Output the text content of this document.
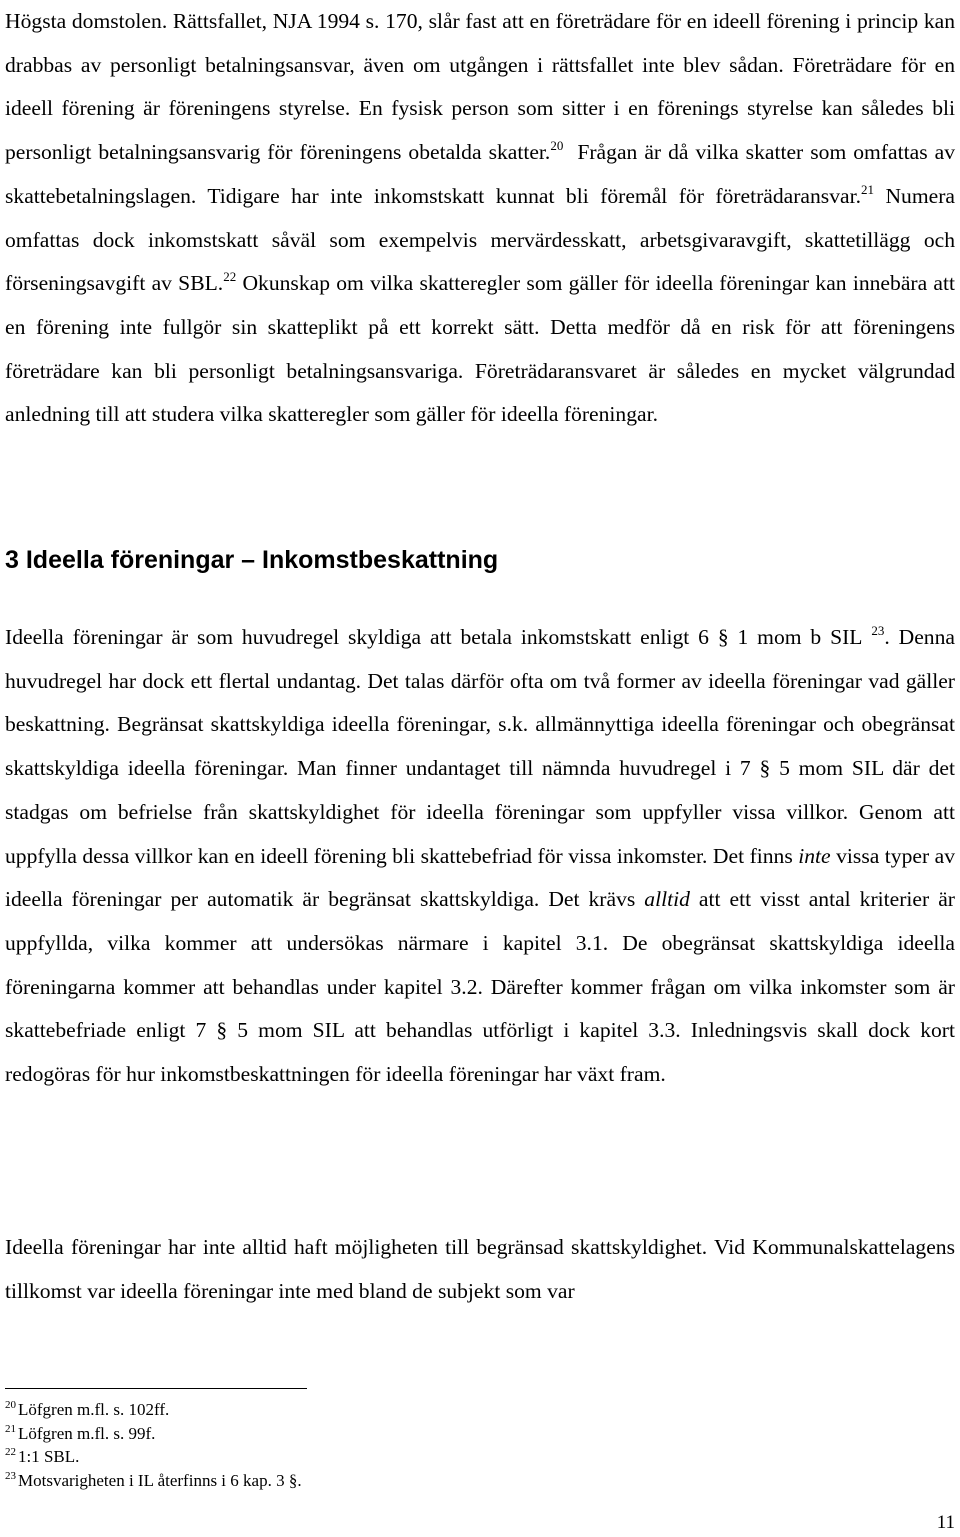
Högsta domstolen. Rättsfallet, NJA 1994 s. 170, slår fast att en företrädare för en ideell förening i princip kan drabbas av personligt betalningsansvar, även om utgången i rättsfallet inte blev sådan. Företrädare för en ideell förening är föreningens styrelse. En fysisk person som sitter i en förenings styrelse kan således bli personligt betalningsansvarig för föreningens obetalda skatter.$^{20}$ Frågan är då vilka skatter som omfattas av skattebetalningslagen. Tidigare har inte inkomstskatt kunnat bli föremål för företrädaransvar.$^{21}$ Numera omfattas dock inkomstskatt såväl som exempelvis mervärdesskatt, arbetsgivaravgift, skattetillägg och förseningsavgift av SBL.$^{22}$ Okunskap om vilka skatteregler som gäller för ideella föreningar kan innebära att en förening inte fullgör sin skatteplikt på ett korrekt sätt. Detta medför då en risk för att föreningens företrädare kan bli personligt betalningsansvariga. Företrädaransvaret är således en mycket välgrundad anledning till att studera vilka skatteregler som gäller för ideella föreningar.

3 Ideella föreningar – Inkomstbeskattning

Ideella föreningar är som huvudregel skyldiga att betala inkomstskatt enligt 6 § 1 mom b SIL $^{23}$. Denna huvudregel har dock ett flertal undantag. Det talas därför ofta om två former av ideella föreningar vad gäller beskattning. Begränsat skattskyldiga ideella föreningar, s.k. allmännyttiga ideella föreningar och obegränsat skattskyldiga ideella föreningar. Man finner undantaget till nämnda huvudregel i 7 § 5 mom SIL där det stadgas om befrielse från skattskyldighet för ideella föreningar som uppfyller vissa villkor. Genom att uppfylla dessa villkor kan en ideell förening bli skattebefriad för vissa inkomster. Det finns inte vissa typer av ideella föreningar per automatik är begränsat skattskyldiga. Det krävs alltid att ett visst antal kriterier är uppfyllda, vilka kommer att undersökas närmare i kapitel 3.1. De obegränsat skattskyldiga ideella föreningarna kommer att behandlas under kapitel 3.2. Därefter kommer frågan om vilka inkomster som är skattebefriade enligt 7 § 5 mom SIL att behandlas utförligt i kapitel 3.3. Inledningsvis skall dock kort redogöras för hur inkomstbeskattningen för ideella föreningar har växt fram.

Ideella föreningar har inte alltid haft möjligheten till begränsad skattskyldighet. Vid Kommunalskattelagens tillkomst var ideella föreningar inte med bland de subjekt som var

$^{20}$ Löfgren m.fl. s. 102ff.

$^{21}$ Löfgren m.fl. s. 99f.

$^{22}$ 1:1 SBL.

$^{23}$ Motsvarigheten i IL återfinns i 6 kap. 3 §.

11
